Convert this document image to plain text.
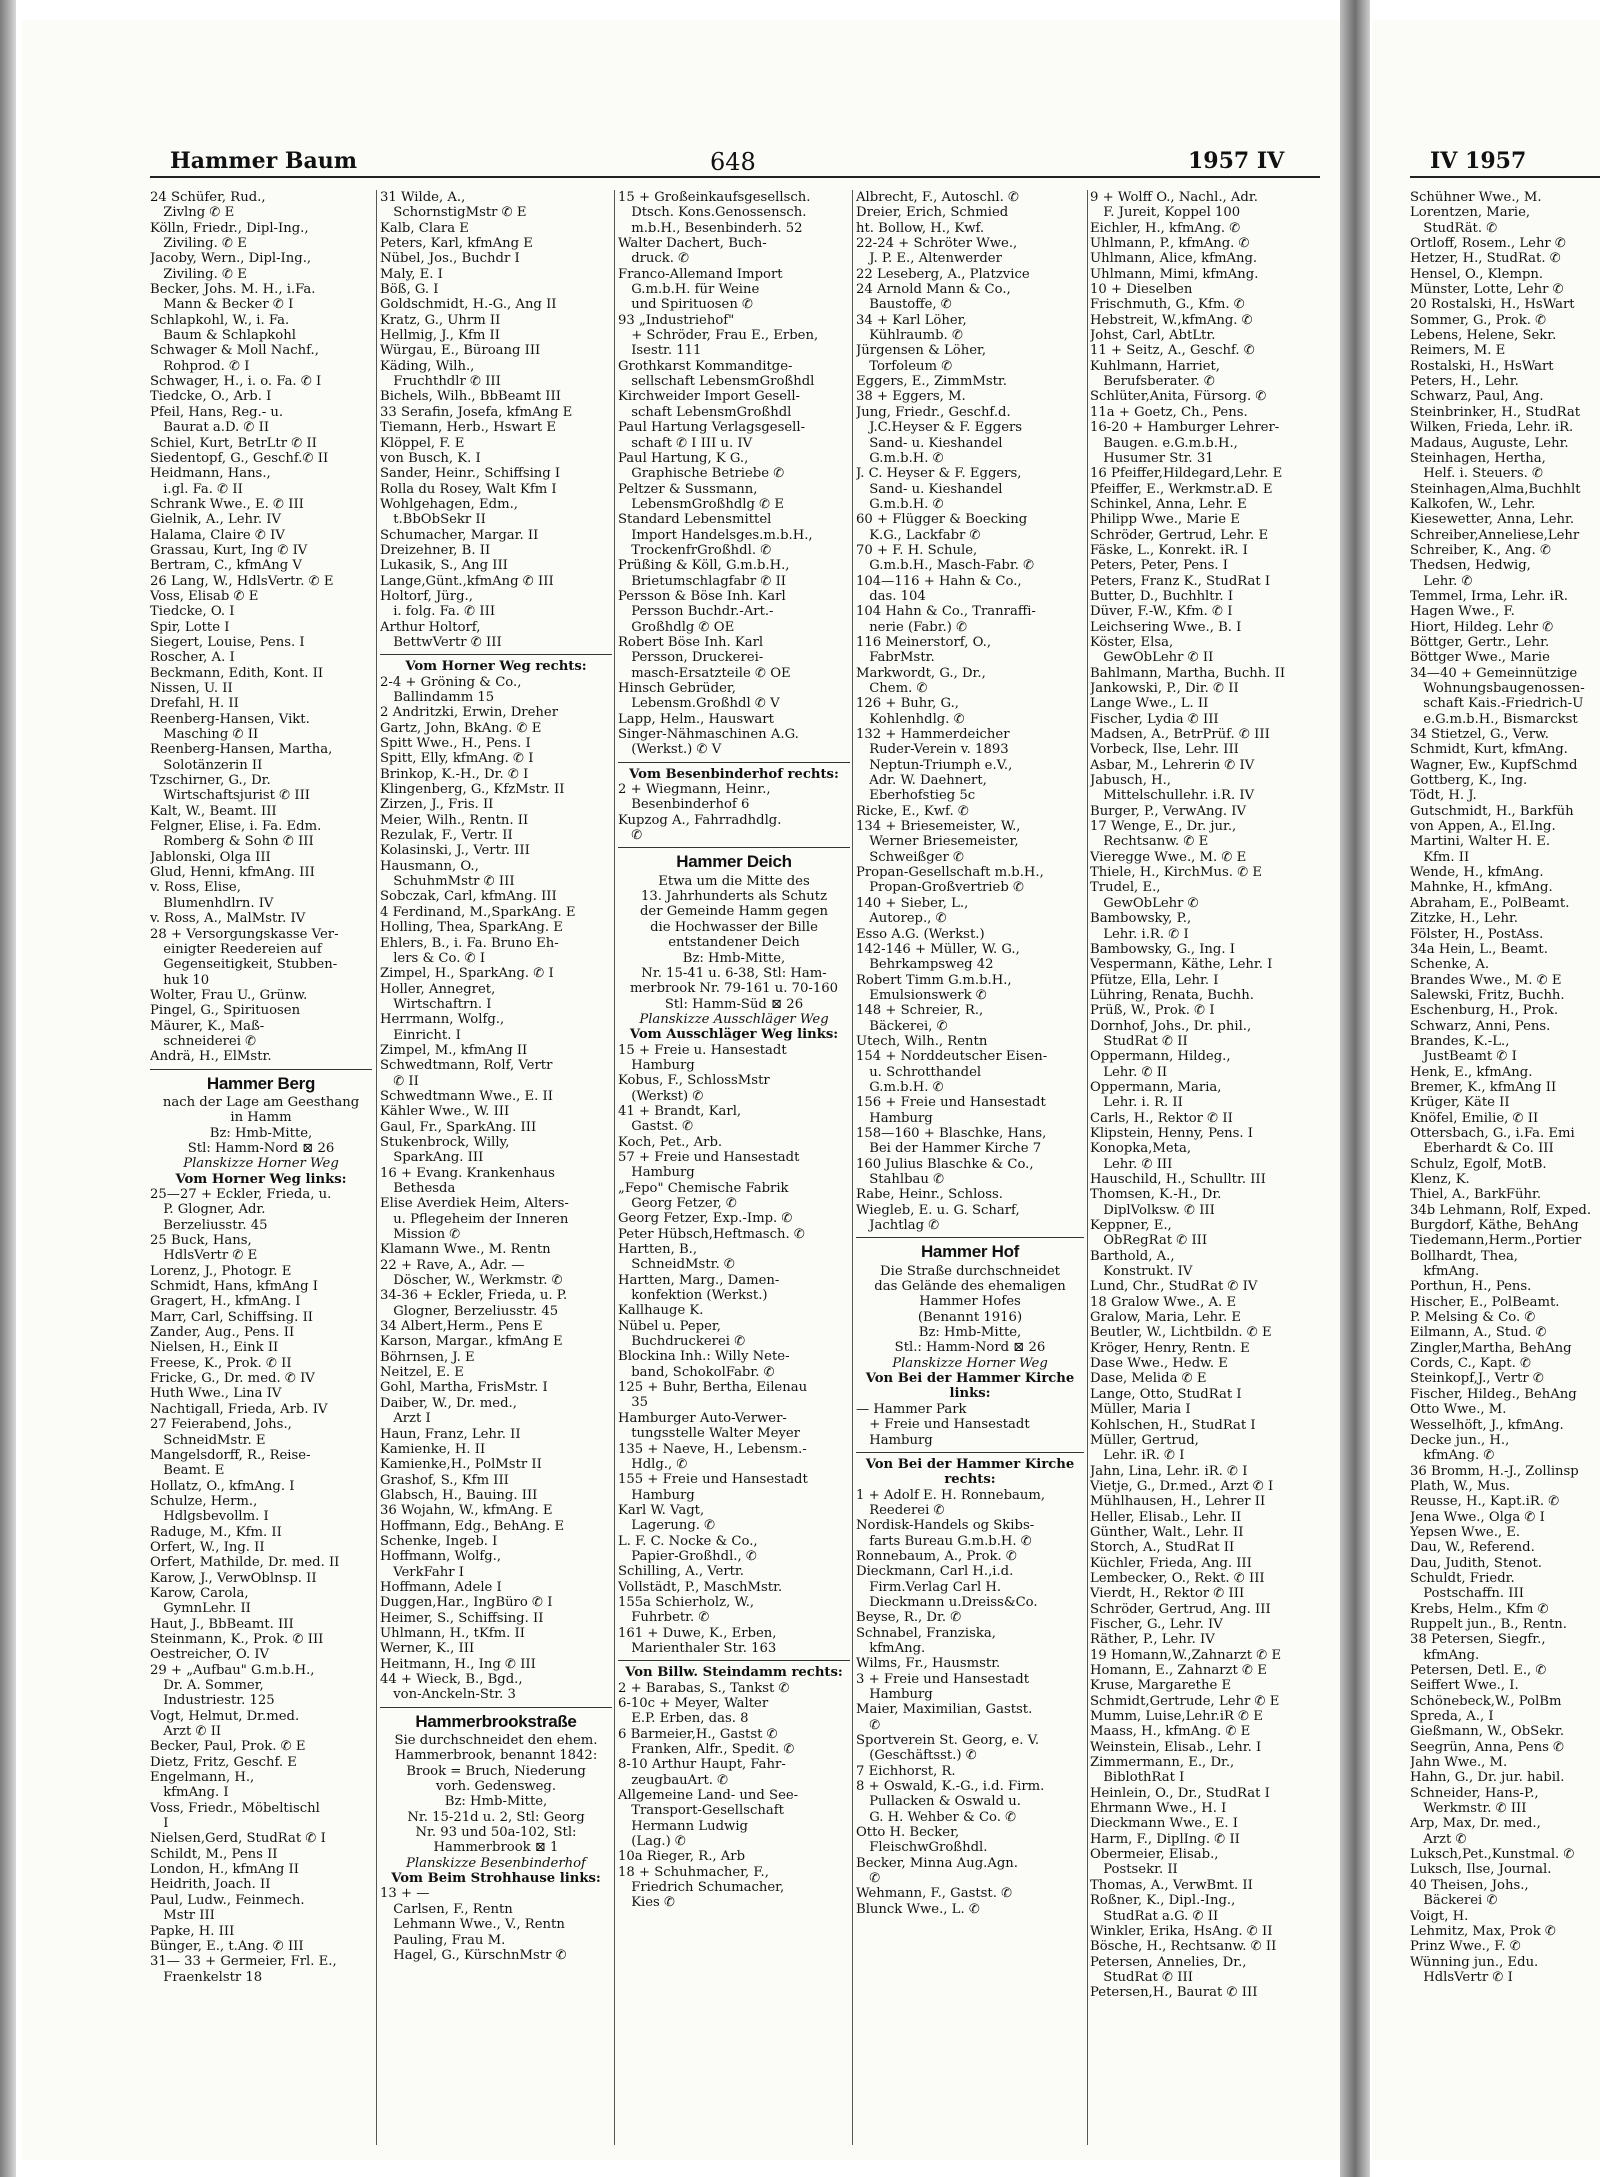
Hammer Baum	648	1957 IV	IV 1957
24 Schüfer, Rud.,
 Zivlng ✆ E
Kölln, Friedr., Dipl-Ing.,
 Ziviling. ✆ E
Jacoby, Wern., Dipl-Ing.,
 Ziviling. ✆ E
Becker, Johs. M. H., i.Fa.
 Mann & Becker ✆ I
Schlapkohl, W., i. Fa.
 Baum & Schlapkohl
Schwager & Moll Nachf.,
 Rohprod. ✆ I
Schwager, H., i. o. Fa. ✆ I
Tiedcke, O., Arb. I
Pfeil, Hans, Reg.- u.
 Baurat a.D. ✆ II
Schiel, Kurt, BetrLtr ✆ II
Siedentopf, G., Geschf.✆ II
Heidmann, Hans.,
 i.gl. Fa. ✆ II
Schrank Wwe., E. ✆ III
Gielnik, A., Lehr. IV
Halama, Claire ✆ IV
Grassau, Kurt, Ing ✆ IV
Bertram, C., kfmAng V
26 Lang, W., HdlsVertr. ✆ E
Voss, Elisab ✆ E
Tiedcke, O. I
Spir, Lotte I
Siegert, Louise, Pens. I
Roscher, A. I
Beckmann, Edith, Kont. II
Nissen, U. II
Drefahl, H. II
Reenberg-Hansen, Vikt.
 Masching ✆ II
Reenberg-Hansen, Martha,
 Solotänzerin II
Tzschirner, G., Dr.
 Wirtschaftsjurist ✆ III
Kalt, W., Beamt. III
Felgner, Elise, i. Fa. Edm.
 Romberg & Sohn ✆ III
Jablonski, Olga III
Glud, Henni, kfmAng. III
v. Ross, Elise,
 Blumenhdlrn. IV
v. Ross, A., MalMstr. IV
28 + Versorgungskasse Ver-
 einigter Reedereien auf
 Gegenseitigkeit, Stubben-
 huk 10
Wolter, Frau U., Grünw.
Pingel, G., Spirituosen
Mäurer, K., Maß-
 schneiderei ✆
Andrä, H., ElMstr.
Hammer Berg
nach der Lage am Geesthang
in Hamm
Bz: Hmb-Mitte,
Stl: Hamm-Nord ⊠ 26
Planskizze Horner Weg
Vom Horner Weg links:
25—27 + Eckler, Frieda, u.
 P. Glogner, Adr.
 Berzeliusstr. 45
25 Buck, Hans,
 HdlsVertr ✆ E
Lorenz, J., Photogr. E
Schmidt, Hans, kfmAng I
Gragert, H., kfmAng. I
Marr, Carl, Schiffsing. II
Zander, Aug., Pens. II
Nielsen, H., Eink II
Freese, K., Prok. ✆ II
Fricke, G., Dr. med. ✆ IV
Huth Wwe., Lina IV
Nachtigall, Frieda, Arb. IV
27 Feierabend, Johs.,
 SchneidMstr. E
Mangelsdorff, R., Reise-
 Beamt. E
Hollatz, O., kfmAng. I
Schulze, Herm.,
 Hdlgsbevollm. I
Raduge, M., Kfm. II
Orfert, W., Ing. II
Orfert, Mathilde, Dr. med. II
Karow, J., VerwOblnsp. II
Karow, Carola,
 GymnLehr. II
Haut, J., BbBeamt. III
Steinmann, K., Prok. ✆ III
Oestreicher, O. IV
29 + „Aufbau" G.m.b.H.,
 Dr. A. Sommer,
 Industriestr. 125
Vogt, Helmut, Dr.med.
 Arzt ✆ II
Becker, Paul, Prok. ✆ E
Dietz, Fritz, Geschf. E
Engelmann, H.,
 kfmAng. I
Voss, Friedr., Möbeltischl
 I
Nielsen,Gerd, StudRat ✆ I
Schildt, M., Pens II
London, H., kfmAng II
Heidrith, Joach. II
Paul, Ludw., Feinmech.
 Mstr III
Papke, H. III
Bünger, E., t.Ang. ✆ III
31— 33 + Germeier, Frl. E.,
 Fraenkelstr 18
31 Wilde, A.,
 SchornstigMstr ✆ E
Kalb, Clara E
Peters, Karl, kfmAng E
Nübel, Jos., Buchdr I
Maly, E. I
Böß, G. I
Goldschmidt, H.-G., Ang II
Kratz, G., Uhrm II
Hellmig, J., Kfm II
Würgau, E., Büroang III
Käding, Wilh.,
 Fruchthdlr ✆ III
Bichels, Wilh., BbBeamt III
33 Serafin, Josefa, kfmAng E
Tiemann, Herb., Hswart E
Klöppel, F. E
von Busch, K. I
Sander, Heinr., Schiffsing I
Rolla du Rosey, Walt Kfm I
Wohlgehagen, Edm.,
 t.BbObSekr II
Schumacher, Margar. II
Dreizehner, B. II
Lukasik, S., Ang III
Lange,Günt.,kfmAng ✆ III
Holtorf, Jürg.,
 i. folg. Fa. ✆ III
Arthur Holtorf,
 BettwVertr ✆ III
Vom Horner Weg rechts:
2-4 + Gröning & Co.,
 Ballindamm 15
2 Andritzki, Erwin, Dreher
Gartz, John, BkAng. ✆ E
Spitt Wwe., H., Pens. I
Spitt, Elly, kfmAng. ✆ I
Brinkop, K.-H., Dr. ✆ I
Klingenberg, G., KfzMstr. II
Zirzen, J., Fris. II
Meier, Wilh., Rentn. II
Rezulak, F., Vertr. II
Kolasinski, J., Vertr. III
Hausmann, O.,
 SchuhmMstr ✆ III
Sobczak, Carl, kfmAng. III
4 Ferdinand, M.,SparkAng. E
Holling, Thea, SparkAng. E
Ehlers, B., i. Fa. Bruno Eh-
 lers & Co. ✆ I
Zimpel, H., SparkAng. ✆ I
Holler, Annegret,
 Wirtschaftrn. I
Herrmann, Wolfg.,
 Einricht. I
Zimpel, M., kfmAng II
Schwedtmann, Rolf, Vertr
 ✆ II
Schwedtmann Wwe., E. II
Kähler Wwe., W. III
Gaul, Fr., SparkAng. III
Stukenbrock, Willy,
 SparkAng. III
16 + Evang. Krankenhaus
 Bethesda
Elise Averdiek Heim, Alters-
 u. Pflegeheim der Inneren
 Mission ✆
Klamann Wwe., M. Rentn
22 + Rave, A., Adr. —
 Döscher, W., Werkmstr. ✆
34-36 + Eckler, Frieda, u. P.
 Glogner, Berzeliusstr. 45
34 Albert,Herm., Pens E
Karson, Margar., kfmAng E
Böhrnsen, J. E
Neitzel, E. E
Gohl, Martha, FrisMstr. I
Daiber, W., Dr. med.,
 Arzt I
Haun, Franz, Lehr. II
Kamienke, H. II
Kamienke,H., PolMstr II
Grashof, S., Kfm III
Glabsch, H., Bauing. III
36 Wojahn, W., kfmAng. E
Hoffmann, Edg., BehAng. E
Schenke, Ingeb. I
Hoffmann, Wolfg.,
 VerkFahr I
Hoffmann, Adele I
Duggen,Har., IngBüro ✆ I
Heimer, S., Schiffsing. II
Uhlmann, H., tKfm. II
Werner, K., III
Heitmann, H., Ing ✆ III
44 + Wieck, B., Bgd.,
 von-Anckeln-Str. 3
Hammerbrookstraße
Sie durchschneidet den ehem.
Hammerbrook, benannt 1842:
Brook = Bruch, Niederung
vorh. Gedensweg.
Bz: Hmb-Mitte,
Nr. 15-21d u. 2, Stl: Georg
Nr. 93 und 50a-102, Stl:
Hammerbrook ⊠ 1
Planskizze Besenbinderhof
Vom Beim Strohhause links:
13 + —
 Carlsen, F., Rentn
 Lehmann Wwe., V., Rentn
 Pauling, Frau M.
 Hagel, G., KürschnMstr ✆
15 + Großeinkaufsgesellsch.
 Dtsch. Kons.Genossensch.
 m.b.H., Besenbinderh. 52
Walter Dachert, Buch-
 druck. ✆
Franco-Allemand Import
 G.m.b.H. für Weine
 und Spirituosen ✆
93 „Industriehof"
 + Schröder, Frau E., Erben,
 Isestr. 111
Grothkarst Kommanditge-
 sellschaft LebensmGroßhdl
Kirchweider Import Gesell-
 schaft LebensmGroßhdl
Paul Hartung Verlagsgesell-
 schaft ✆ I III u. IV
Paul Hartung, K G.,
 Graphische Betriebe ✆
Peltzer & Sussmann,
 LebensmGroßhdlg ✆ E
Standard Lebensmittel
 Import Handelsges.m.b.H.,
 TrockenfrGroßhdl. ✆
Prüßing & Köll, G.m.b.H.,
 Brietumschlagfabr ✆ II
Persson & Böse Inh. Karl
 Persson Buchdr.-Art.-
 Großhdlg ✆ OE
Robert Böse Inh. Karl
 Persson, Druckerei-
 masch-Ersatzteile ✆ OE
Hinsch Gebrüder,
 Lebensm.Großhdl ✆ V
Lapp, Helm., Hauswart
Singer-Nähmaschinen A.G.
 (Werkst.) ✆ V
Vom Besenbinderhof rechts:
2 + Wiegmann, Heinr.,
 Besenbinderhof 6
Kupzog A., Fahrradhdlg.
 ✆
Hammer Deich
Etwa um die Mitte des
13. Jahrhunderts als Schutz
der Gemeinde Hamm gegen
die Hochwasser der Bille
entstandener Deich
Bz: Hmb-Mitte,
Nr. 15-41 u. 6-38, Stl: Ham-
merbrook Nr. 79-161 u. 70-160
Stl: Hamm-Süd ⊠ 26
Planskizze Ausschläger Weg
Vom Ausschläger Weg links:
15 + Freie u. Hansestadt
 Hamburg
Kobus, F., SchlossMstr
 (Werkst) ✆
41 + Brandt, Karl,
 Gastst. ✆
Koch, Pet., Arb.
57 + Freie und Hansestadt
 Hamburg
„Fepo" Chemische Fabrik
 Georg Fetzer, ✆
Georg Fetzer, Exp.-Imp. ✆
Peter Hübsch,Heftmasch. ✆
Hartten, B.,
 SchneidMstr. ✆
Hartten, Marg., Damen-
 konfektion (Werkst.)
Kallhauge K.
Nübel u. Peper,
 Buchdruckerei ✆
Blockina Inh.: Willy Nete-
 band, SchokolFabr. ✆
125 + Buhr, Bertha, Eilenau
 35
Hamburger Auto-Verwer-
 tungsstelle Walter Meyer
135 + Naeve, H., Lebensm.-
 Hdlg., ✆
155 + Freie und Hansestadt
 Hamburg
Karl W. Vagt,
 Lagerung. ✆
L. F. C. Nocke & Co.,
 Papier-Großhdl., ✆
Schilling, A., Vertr.
Vollstädt, P., MaschMstr.
155a Schierholz, W.,
 Fuhrbetr. ✆
161 + Duwe, K., Erben,
 Marienthaler Str. 163
Von Billw. Steindamm rechts:
2 + Barabas, S., Tankst ✆
6-10c + Meyer, Walter
 E.P. Erben, das. 8
6 Barmeier,H., Gastst ✆
 Franken, Alfr., Spedit. ✆
8-10 Arthur Haupt, Fahr-
 zeugbauArt. ✆
Allgemeine Land- und See-
 Transport-Gesellschaft
 Hermann Ludwig
 (Lag.) ✆
10a Rieger, R., Arb
18 + Schuhmacher, F.,
 Friedrich Schumacher,
 Kies ✆
Albrecht, F., Autoschl. ✆
Dreier, Erich, Schmied
ht. Bollow, H., Kwf.
22-24 + Schröter Wwe.,
 J. P. E., Altenwerder
22 Leseberg, A., Platzvice
24 Arnold Mann & Co.,
 Baustoffe, ✆
34 + Karl Löher,
 Kühlraumb. ✆
Jürgensen & Löher,
 Torfoleum ✆
Eggers, E., ZimmMstr.
38 + Eggers, M.
Jung, Friedr., Geschf.d.
 J.C.Heyser & F. Eggers
 Sand- u. Kieshandel
 G.m.b.H. ✆
J. C. Heyser & F. Eggers,
 Sand- u. Kieshandel
 G.m.b.H. ✆
60 + Flügger & Boecking
 K.G., Lackfabr ✆
70 + F. H. Schule,
 G.m.b.H., Masch-Fabr. ✆
104—116 + Hahn & Co.,
 das. 104
104 Hahn & Co., Tranraffi-
 nerie (Fabr.) ✆
116 Meinerstorf, O.,
 FabrMstr.
Markwordt, G., Dr.,
 Chem. ✆
126 + Buhr, G.,
 Kohlenhdlg. ✆
132 + Hammerdeicher
 Ruder-Verein v. 1893
 Neptun-Triumph e.V.,
 Adr. W. Daehnert,
 Eberhofstieg 5c
Ricke, E., Kwf. ✆
134 + Briesemeister, W.,
 Werner Briesemeister,
 Schweißger ✆
Propan-Gesellschaft m.b.H.,
 Propan-Großvertrieb ✆
140 + Sieber, L.,
 Autorep., ✆
Esso A.G. (Werkst.)
142-146 + Müller, W. G.,
 Behrkampsweg 42
Robert Timm G.m.b.H.,
 Emulsionswerk ✆
148 + Schreier, R.,
 Bäckerei, ✆
Utech, Wilh., Rentn
154 + Norddeutscher Eisen-
 u. Schrotthandel
 G.m.b.H. ✆
156 + Freie und Hansestadt
 Hamburg
158—160 + Blaschke, Hans,
 Bei der Hammer Kirche 7
160 Julius Blaschke & Co.,
 Stahlbau ✆
Rabe, Heinr., Schloss.
Wiegleb, E. u. G. Scharf,
 Jachtlag ✆
Hammer Hof
Die Straße durchschneidet
das Gelände des ehemaligen
Hammer Hofes
(Benannt 1916)
Bz: Hmb-Mitte,
Stl.: Hamm-Nord ⊠ 26
Planskizze Horner Weg
Von Bei der Hammer Kirche
links:
— Hammer Park
 + Freie und Hansestadt
 Hamburg
Von Bei der Hammer Kirche
rechts:
1 + Adolf E. H. Ronnebaum,
 Reederei ✆
Nordisk-Handels og Skibs-
 farts Bureau G.m.b.H. ✆
Ronnebaum, A., Prok. ✆
Dieckmann, Carl H.,i.d.
 Firm.Verlag Carl H.
 Dieckmann u.Dreiss&Co.
Beyse, R., Dr. ✆
Schnabel, Franziska,
 kfmAng.
Wilms, Fr., Hausmstr.
3 + Freie und Hansestadt
 Hamburg
Maier, Maximilian, Gastst.
 ✆
Sportverein St. Georg, e. V.
 (Geschäftsst.) ✆
7 Eichhorst, R.
8 + Oswald, K.-G., i.d. Firm.
 Pullacken & Oswald u.
 G. H. Wehber & Co. ✆
Otto H. Becker,
 FleischwGroßhdl.
Becker, Minna Aug.Agn.
 ✆
Wehmann, F., Gastst. ✆
Blunck Wwe., L. ✆
9 + Wolff O., Nachl., Adr.
 F. Jureit, Koppel 100
Eichler, H., kfmAng. ✆
Uhlmann, P., kfmAng. ✆
Uhlmann, Alice, kfmAng.
Uhlmann, Mimi, kfmAng.
10 + Dieselben
Frischmuth, G., Kfm. ✆
Hebstreit, W.,kfmAng. ✆
Johst, Carl, AbtLtr.
11 + Seitz, A., Geschf. ✆
Kuhlmann, Harriet,
 Berufsberater. ✆
Schlüter,Anita, Fürsorg. ✆
11a + Goetz, Ch., Pens.
16-20 + Hamburger Lehrer-
 Baugen. e.G.m.b.H.,
 Husumer Str. 31
16 Pfeiffer,Hildegard,Lehr. E
Pfeiffer, E., Werkmstr.aD. E
Schinkel, Anna, Lehr. E
Philipp Wwe., Marie E
Schröder, Gertrud, Lehr. E
Fäske, L., Konrekt. iR. I
Peters, Peter, Pens. I
Peters, Franz K., StudRat I
Butter, D., Buchhltr. I
Düver, F.-W., Kfm. ✆ I
Leichsering Wwe., B. I
Köster, Elsa,
 GewObLehr ✆ II
Bahlmann, Martha, Buchh. II
Jankowski, P., Dir. ✆ II
Lange Wwe., L. II
Fischer, Lydia ✆ III
Madsen, A., BetrPrüf. ✆ III
Vorbeck, Ilse, Lehr. III
Asbar, M., Lehrerin ✆ IV
Jabusch, H.,
 Mittelschullehr. i.R. IV
Burger, P., VerwAng. IV
17 Wenge, E., Dr. jur.,
 Rechtsanw. ✆ E
Vieregge Wwe., M. ✆ E
Thiele, H., KirchMus. ✆ E
Trudel, E.,
 GewObLehr ✆
Bambowsky, P.,
 Lehr. i.R. ✆ I
Bambowsky, G., Ing. I
Vespermann, Käthe, Lehr. I
Pfütze, Ella, Lehr. I
Lühring, Renata, Buchh.
Prüß, W., Prok. ✆ I
Dornhof, Johs., Dr. phil.,
 StudRat ✆ II
Oppermann, Hildeg.,
 Lehr. ✆ II
Oppermann, Maria,
 Lehr. i. R. II
Carls, H., Rektor ✆ II
Klipstein, Henny, Pens. I
Konopka,Meta,
 Lehr. ✆ III
Hauschild, H., Schulltr. III
Thomsen, K.-H., Dr.
 DiplVolksw. ✆ III
Keppner, E.,
 ObRegRat ✆ III
Barthold, A.,
 Konstrukt. IV
Lund, Chr., StudRat ✆ IV
18 Gralow Wwe., A. E
Gralow, Maria, Lehr. E
Beutler, W., Lichtbildn. ✆ E
Kröger, Henry, Rentn. E
Dase Wwe., Hedw. E
Dase, Melida ✆ E
Lange, Otto, StudRat I
Müller, Maria I
Kohlschen, H., StudRat I
Müller, Gertrud,
 Lehr. iR. ✆ I
Jahn, Lina, Lehr. iR. ✆ I
Vietje, G., Dr.med., Arzt ✆ I
Mühlhausen, H., Lehrer II
Heller, Elisab., Lehr. II
Günther, Walt., Lehr. II
Storch, A., StudRat II
Küchler, Frieda, Ang. III
Lembecker, O., Rekt. ✆ III
Vierdt, H., Rektor ✆ III
Schröder, Gertrud, Ang. III
Fischer, G., Lehr. IV
Räther, P., Lehr. IV
19 Homann,W.,Zahnarzt ✆ E
Homann, E., Zahnarzt ✆ E
Kruse, Margarethe E
Schmidt,Gertrude, Lehr ✆ E
Mumm, Luise,Lehr.iR ✆ E
Maass, H., kfmAng. ✆ E
Weinstein, Elisab., Lehr. I
Zimmermann, E., Dr.,
 BiblothRat I
Heinlein, O., Dr., StudRat I
Ehrmann Wwe., H. I
Dieckmann Wwe., E. I
Harm, F., DiplIng. ✆ II
Obermeier, Elisab.,
 Postsekr. II
Thomas, A., VerwBmt. II
Roßner, K., Dipl.-Ing.,
 StudRat a.G. ✆ II
Winkler, Erika, HsAng. ✆ II
Bösche, H., Rechtsanw. ✆ II
Petersen, Annelies, Dr.,
 StudRat ✆ III
Petersen,H., Baurat ✆ III
Schühner Wwe., M.
Lorentzen, Marie,
 StudRät. ✆
Ortloff, Rosem., Lehr ✆
Hetzer, H., StudRat. ✆
Hensel, O., Klempn.
Münster, Lotte, Lehr ✆
20 Rostalski, H., HsWart
Sommer, G., Prok. ✆
Lebens, Helene, Sekr.
Reimers, M. E
Rostalski, H., HsWart
Peters, H., Lehr.
Schwarz, Paul, Ang.
Steinbrinker, H., StudRat
Wilken, Frieda, Lehr. iR.
Madaus, Auguste, Lehr.
Steinhagen, Hertha,
 Helf. i. Steuers. ✆
Steinhagen,Alma,Buchhlt
Kalkofen, W., Lehr.
Kiesewetter, Anna, Lehr.
Schreiber,Anneliese,Lehr
Schreiber, K., Ang. ✆
Thedsen, Hedwig,
 Lehr. ✆
Temmel, Irma, Lehr. iR.
Hagen Wwe., F.
Hiort, Hildeg. Lehr ✆
Böttger, Gertr., Lehr.
Böttger Wwe., Marie
34—40 + Gemeinnützige
 Wohnungsbaugenossen-
 schaft Kais.-Friedrich-U
 e.G.m.b.H., Bismarckst
34 Stietzel, G., Verw.
Schmidt, Kurt, kfmAng.
Wagner, Ew., KupfSchmd
Gottberg, K., Ing.
Tödt, H. J.
Gutschmidt, H., Barkfüh
von Appen, A., El.Ing.
Martini, Walter H. E.
 Kfm. II
Wende, H., kfmAng.
Mahnke, H., kfmAng.
Abraham, E., PolBeamt.
Zitzke, H., Lehr.
Fölster, H., PostAss.
34a Hein, L., Beamt.
Schenke, A.
Brandes Wwe., M. ✆ E
Salewski, Fritz, Buchh.
Eschenburg, H., Prok.
Schwarz, Anni, Pens.
Brandes, K.-L.,
 JustBeamt ✆ I
Henk, E., kfmAng.
Bremer, K., kfmAng II
Krüger, Käte II
Knöfel, Emilie, ✆ II
Ottersbach, G., i.Fa. Emi
 Eberhardt & Co. III
Schulz, Egolf, MotB.
Klenz, K.
Thiel, A., BarkFühr.
34b Lehmann, Rolf, Exped.
Burgdorf, Käthe, BehAng
Tiedemann,Herm.,Portier
Bollhardt, Thea,
 kfmAng.
Porthun, H., Pens.
Hischer, E., PolBeamt.
P. Melsing & Co. ✆
Eilmann, A., Stud. ✆
Zingler,Martha, BehAng
Cords, C., Kapt. ✆
Steinkopf,J., Vertr ✆
Fischer, Hildeg., BehAng
Otto Wwe., M.
Wesselhöft, J., kfmAng.
Decke jun., H.,
 kfmAng. ✆
36 Bromm, H.-J., Zollinsp
Plath, W., Mus.
Reusse, H., Kapt.iR. ✆
Jena Wwe., Olga ✆ I
Yepsen Wwe., E.
Dau, W., Referend.
Dau, Judith, Stenot.
Schuldt, Friedr.
 Postschaffn. III
Krebs, Helm., Kfm ✆
Ruppelt jun., B., Rentn.
38 Petersen, Siegfr.,
 kfmAng.
Petersen, Detl. E., ✆
Seiffert Wwe., I.
Schönebeck,W., PolBm
Spreda, A., I
Gießmann, W., ObSekr.
Seegrün, Anna, Pens ✆
Jahn Wwe., M.
Hahn, G., Dr. jur. habil.
Schneider, Hans-P.,
 Werkmstr. ✆ III
Arp, Max, Dr. med.,
 Arzt ✆
Luksch,Pet.,Kunstmal. ✆
Luksch, Ilse, Journal.
40 Theisen, Johs.,
 Bäckerei ✆
Voigt, H.
Lehmitz, Max, Prok ✆
Prinz Wwe., F. ✆
Wünning jun., Edu.
 HdlsVertr ✆ I
